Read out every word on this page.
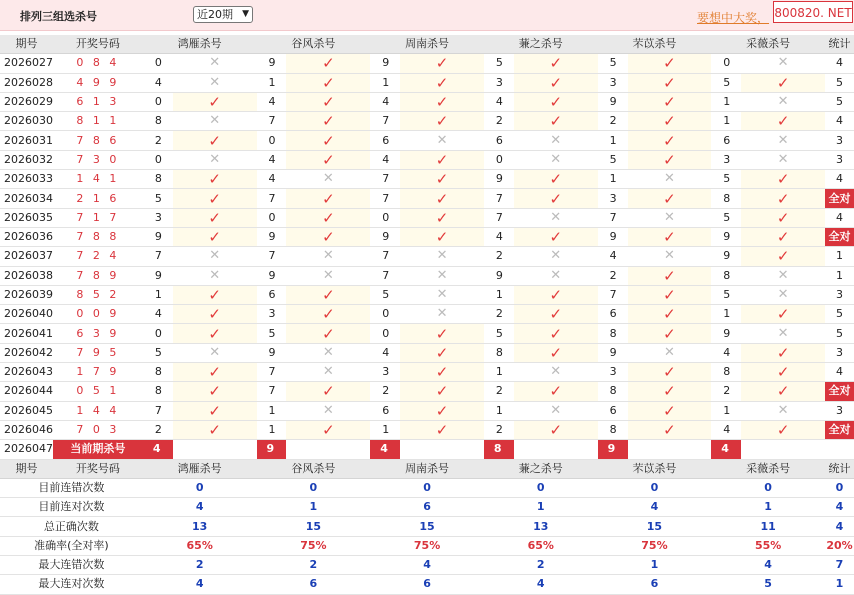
排列三组选杀号	近20期 ▼	要想中大奖， 800820. NET
期号	开奖号码	鸿雁杀号		谷风杀号		周南杀号		蒹之杀号		芣苡杀号		采薇杀号		统计
2026027	0 8 4	0	✕	9	✓	9	✓	5	✓	5	✓	0	✕	4
2026028	4 9 9	4	✕	1	✓	1	✓	3	✓	3	✓	5	✓	5
2026029	6 1 3	0	✓	4	✓	4	✓	4	✓	9	✓	1	✕	5
2026030	8 1 1	8	✕	7	✓	7	✓	2	✓	2	✓	1	✓	4
2026031	7 8 6	2	✓	0	✓	6	✕	6	✕	1	✓	6	✕	3
2026032	7 3 0	0	✕	4	✓	4	✓	0	✕	5	✓	3	✕	3
2026033	1 4 1	8	✓	4	✕	7	✓	9	✓	1	✕	5	✓	4
2026034	2 1 6	5	✓	7	✓	7	✓	7	✓	3	✓	8	✓	全对
2026035	7 1 7	3	✓	0	✓	0	✓	7	✕	7	✕	5	✓	4
2026036	7 8 8	9	✓	9	✓	9	✓	4	✓	9	✓	9	✓	全对
2026037	7 2 4	7	✕	7	✕	7	✕	2	✕	4	✕	9	✓	1
2026038	7 8 9	9	✕	9	✕	7	✕	9	✕	2	✓	8	✕	1
2026039	8 5 2	1	✓	6	✓	5	✕	1	✓	7	✓	5	✕	3
2026040	0 0 9	4	✓	3	✓	0	✕	2	✓	6	✓	1	✓	5
2026041	6 3 9	0	✓	5	✓	0	✓	5	✓	8	✓	9	✕	5
2026042	7 9 5	5	✕	9	✕	4	✓	8	✓	9	✕	4	✓	3
2026043	1 7 9	8	✓	7	✕	3	✓	1	✕	3	✓	8	✓	4
2026044	0 5 1	8	✓	7	✓	2	✓	2	✓	8	✓	2	✓	全对
2026045	1 4 4	7	✓	1	✕	6	✓	1	✕	6	✓	1	✕	3
2026046	7 0 3	2	✓	1	✓	1	✓	2	✓	8	✓	4	✓	全对
2026047	当前期杀号	4		9		4		8		9		4		
期号	开奖号码	鸿雁杀号		谷风杀号		周南杀号		蒹之杀号		芣苡杀号		采薇杀号		统计
目前连错次数		0		0		0		0		0		0		0
目前连对次数		4		1		6		1		4		1		4
总正确次数		13		15		15		13		15		11		4
准确率(全对率)		65%		75%		75%		65%		75%		55%		20%
最大连错次数		2		2		4		2		1		4		7
最大连对次数		4		6		6		4		6		5		1
